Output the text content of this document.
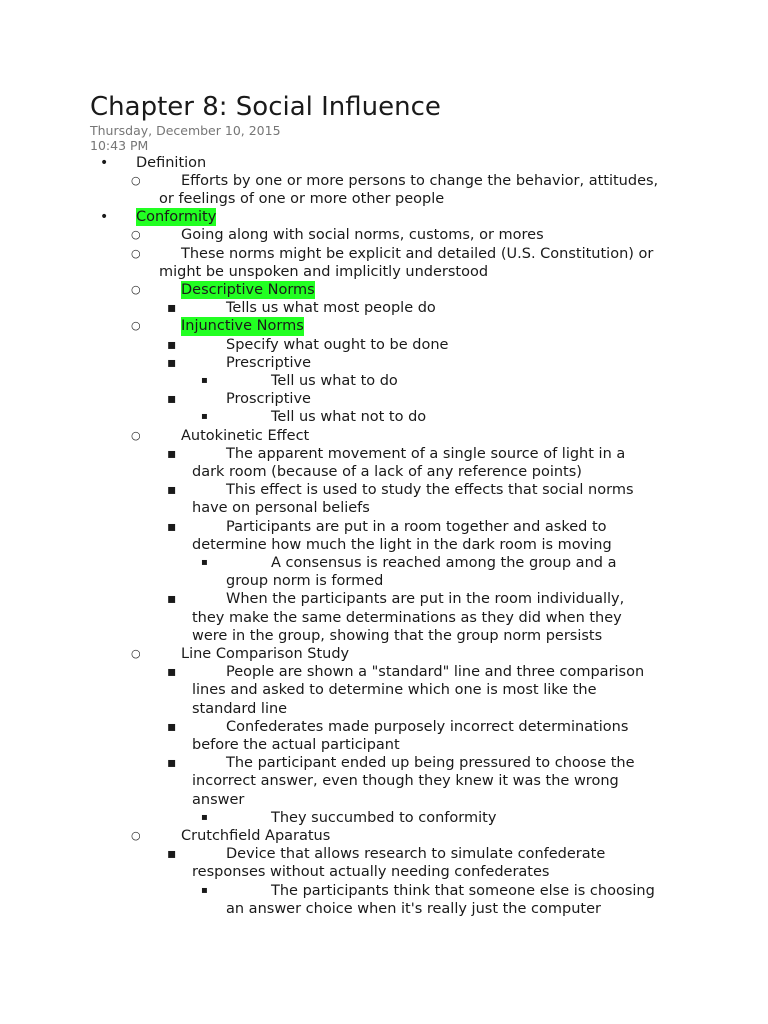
Chapter 8: Social Influence
Thursday, December 10, 2015
10:43 PM
• Definition
○	Efforts by one or more persons to change the behavior, attitudes,
or feelings of one or more other people
• Conformity
○	Going along with social norms, customs, or mores
○	These norms might be explicit and detailed (U.S. Constitution) or
might be unspoken and implicitly understood
○	Descriptive Norms
▪	Tells us what most people do
○	Injunctive Norms
▪	Specify what ought to be done
▪	Prescriptive
▪	Tell us what to do
▪	Proscriptive
▪	Tell us what not to do
○	Autokinetic Effect
▪	The apparent movement of a single source of light in a
dark room (because of a lack of any reference points)
▪	This effect is used to study the effects that social norms
have on personal beliefs
▪	Participants are put in a room together and asked to
determine how much the light in the dark room is moving
▪	A consensus is reached among the group and a
group norm is formed
▪	When the participants are put in the room individually,
they make the same determinations as they did when they
were in the group, showing that the group norm persists
○	Line Comparison Study
▪	People are shown a "standard" line and three comparison
lines and asked to determine which one is most like the
standard line
▪	Confederates made purposely incorrect determinations
before the actual participant
▪	The participant ended up being pressured to choose the
incorrect answer, even though they knew it was the wrong
answer
▪	They succumbed to conformity
○	Crutchfield Aparatus
▪	Device that allows research to simulate confederate
responses without actually needing confederates
▪	The participants think that someone else is choosing
an answer choice when it's really just the computer
